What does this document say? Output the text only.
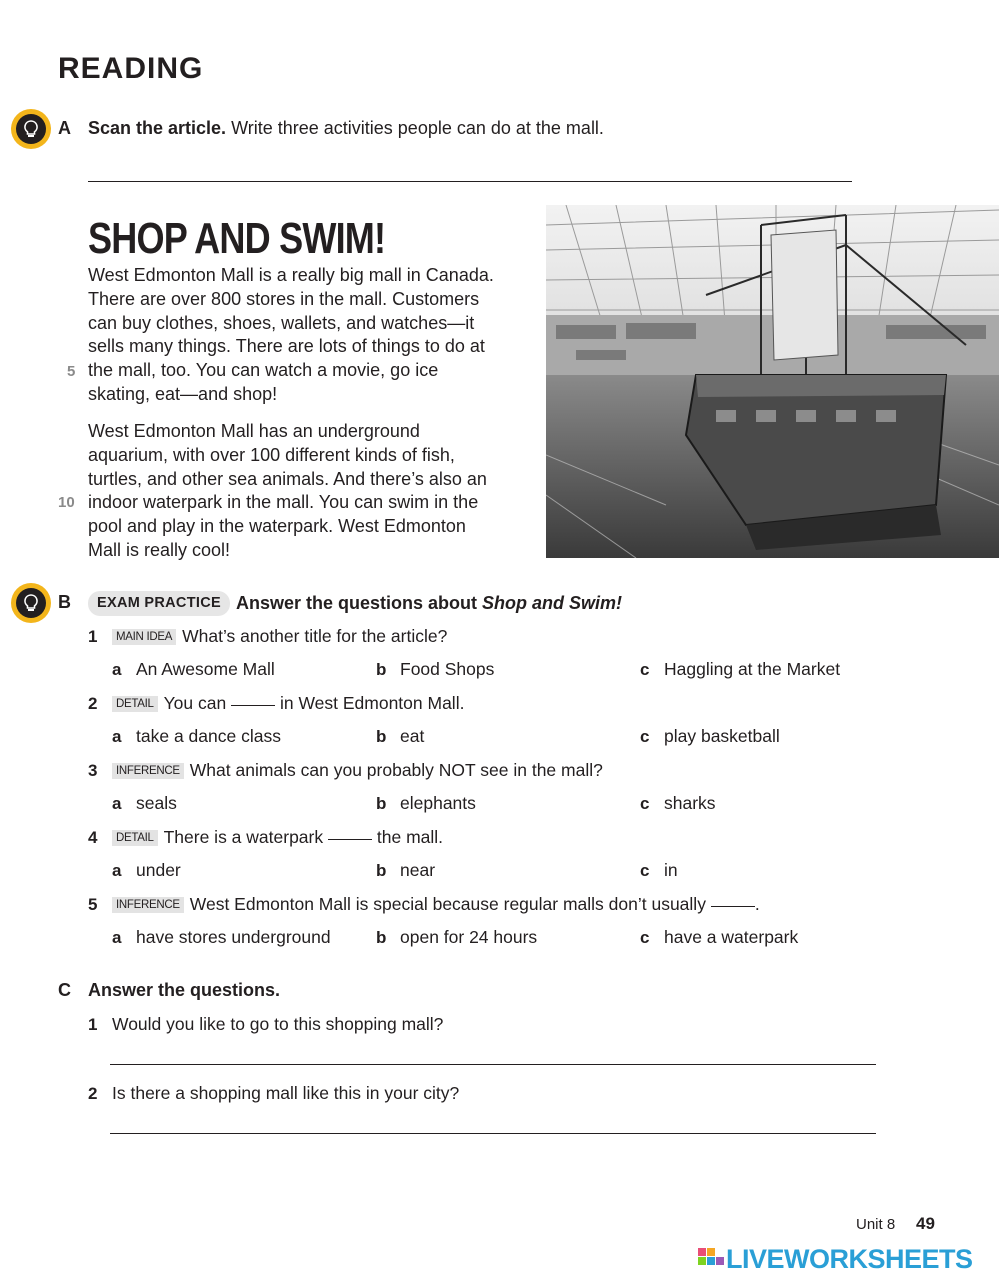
READING
A Scan the article. Write three activities people can do at the mall.
SHOP AND SWIM!
West Edmonton Mall is a really big mall in Canada.
There are over 800 stores in the mall. Customers
can buy clothes, shoes, wallets, and watches—it
sells many things. There are lots of things to do at
the mall, too. You can watch a movie, go ice
skating, eat—and shop!
5
West Edmonton Mall has an underground
aquarium, with over 100 different kinds of fish,
turtles, and other sea animals. And there’s also an
indoor waterpark in the mall. You can swim in the
pool and play in the waterpark. West Edmonton
Mall is really cool!
10
B	EXAM PRACTICE Answer the questions about Shop and Swim!
1	MAIN IDEA What’s another title for the article?
a An Awesome Mall	b Food Shops	c Haggling at the Market
2	DETAIL You can	in West Edmonton Mall.
a take a dance class	b eat	c play basketball
3	INFERENCE What animals can you probably NOT see in the mall?
a seals	b elephants	c sharks
4	DETAIL There is a waterpark	the mall.
a under	b near	c in
5	INFERENCE West Edmonton Mall is special because regular malls don’t usually	.
a have stores underground	b open for 24 hours	c have a waterpark
C Answer the questions.
1 Would you like to go to this shopping mall?
2 Is there a shopping mall like this in your city?
Unit 8 49
LIVEWORKSHEETS
